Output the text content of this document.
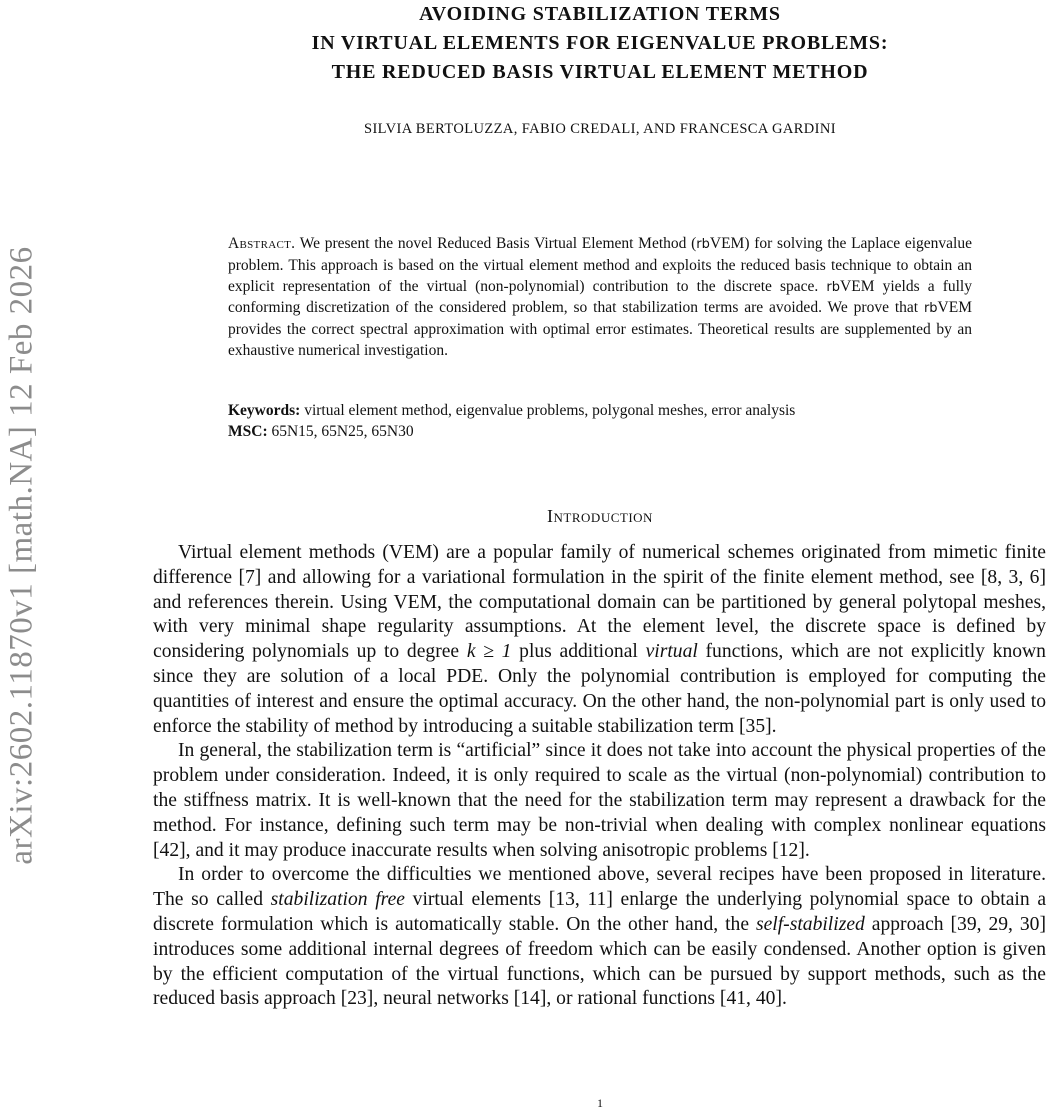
arXiv:2602.11870v1 [math.NA] 12 Feb 2026
AVOIDING STABILIZATION TERMS
IN VIRTUAL ELEMENTS FOR EIGENVALUE PROBLEMS:
THE REDUCED BASIS VIRTUAL ELEMENT METHOD
SILVIA BERTOLUZZA, FABIO CREDALI, AND FRANCESCA GARDINI
Abstract. We present the novel Reduced Basis Virtual Element Method (rbVEM) for solving the Laplace eigenvalue problem. This approach is based on the virtual element method and exploits the reduced basis technique to obtain an explicit representation of the virtual (non-polynomial) contribution to the discrete space. rbVEM yields a fully conforming discretization of the considered problem, so that stabilization terms are avoided. We prove that rbVEM provides the correct spectral approximation with optimal error estimates. Theoretical results are supplemented by an exhaustive numerical investigation.
Keywords: virtual element method, eigenvalue problems, polygonal meshes, error analysis
MSC: 65N15, 65N25, 65N30
Introduction

Virtual element methods (VEM) are a popular family of numerical schemes originated from mimetic finite difference [7] and allowing for a variational formulation in the spirit of the finite element method, see [8, 3, 6] and references therein. Using VEM, the computational domain can be partitioned by general polytopal meshes, with very minimal shape regularity assumptions. At the element level, the discrete space is defined by considering polynomials up to degree k ≥ 1 plus additional virtual functions, which are not explicitly known since they are solution of a local PDE. Only the polynomial contribution is employed for computing the quantities of interest and ensure the optimal accuracy. On the other hand, the non-polynomial part is only used to enforce the stability of method by introducing a suitable stabilization term [35].

In general, the stabilization term is “artificial” since it does not take into account the physical properties of the problem under consideration. Indeed, it is only required to scale as the virtual (non-polynomial) contribution to the stiffness matrix. It is well-known that the need for the stabilization term may represent a drawback for the method. For instance, defining such term may be non-trivial when dealing with complex nonlinear equations [42], and it may produce inaccurate results when solving anisotropic problems [12].

In order to overcome the difficulties we mentioned above, several recipes have been proposed in literature. The so called stabilization free virtual elements [13, 11] enlarge the underlying polynomial space to obtain a discrete formulation which is automatically stable. On the other hand, the self-stabilized approach [39, 29, 30] introduces some additional internal degrees of freedom which can be easily condensed. Another option is given by the efficient computation of the virtual functions, which can be pursued by support methods, such as the reduced basis approach [23], neural networks [14], or rational functions [41, 40].

1
